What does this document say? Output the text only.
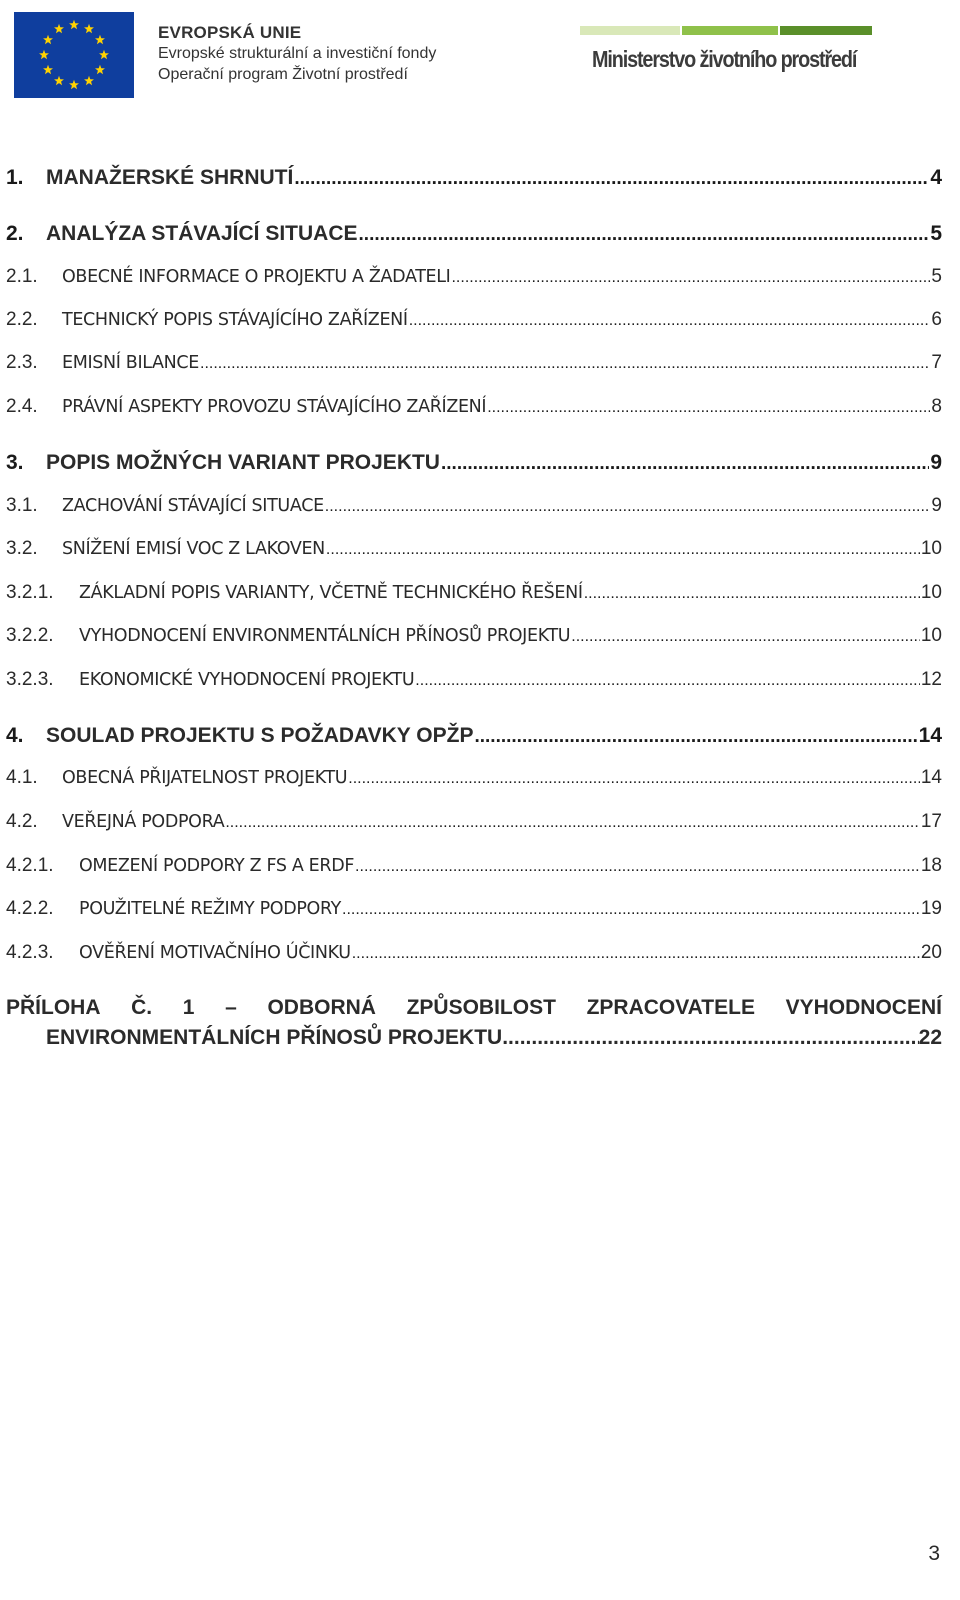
EVROPSKÁ UNIE
Evropské strukturální a investiční fondy
Operační program Životní prostředí
Ministerstvo životního prostředí
1.	MANAŽERSKÉ SHRNUTÍ .....	4
2.	ANALÝZA STÁVAJÍCÍ SITUACE .....	5
2.1.	OBECNÉ INFORMACE O PROJEKTU A ŽADATELI .....	5
2.2.	TECHNICKÝ POPIS STÁVAJÍCÍHO ZAŘÍZENÍ .....	6
2.3.	EMISNÍ BILANCE .....	7
2.4.	PRÁVNÍ ASPEKTY PROVOZU STÁVAJÍCÍHO ZAŘÍZENÍ .....	8
3.	POPIS MOŽNÝCH VARIANT PROJEKTU .....	9
3.1.	ZACHOVÁNÍ STÁVAJÍCÍ SITUACE .....	9
3.2.	SNÍŽENÍ EMISÍ VOC Z LAKOVEN .....	10
3.2.1.	ZÁKLADNÍ POPIS VARIANTY, VČETNĚ TECHNICKÉHO ŘEŠENÍ .....	10
3.2.2.	VYHODNOCENÍ ENVIRONMENTÁLNÍCH PŘÍNOSŮ PROJEKTU .....	10
3.2.3.	EKONOMICKÉ VYHODNOCENÍ PROJEKTU .....	12
4.	SOULAD PROJEKTU S POŽADAVKY OPŽP .....	14
4.1.	OBECNÁ PŘIJATELNOST PROJEKTU .....	14
4.2.	VEŘEJNÁ PODPORA .....	17
4.2.1.	OMEZENÍ PODPORY Z FS A ERDF .....	18
4.2.2.	POUŽITELNÉ REŽIMY PODPORY .....	19
4.2.3.	OVĚŘENÍ MOTIVAČNÍHO ÚČINKU .....	20
PŘÍLOHA Č. 1 – ODBORNÁ ZPŮSOBILOST ZPRACOVATELE VYHODNOCENÍ
ENVIRONMENTÁLNÍCH PŘÍNOSŮ PROJEKTU .....	22
3
